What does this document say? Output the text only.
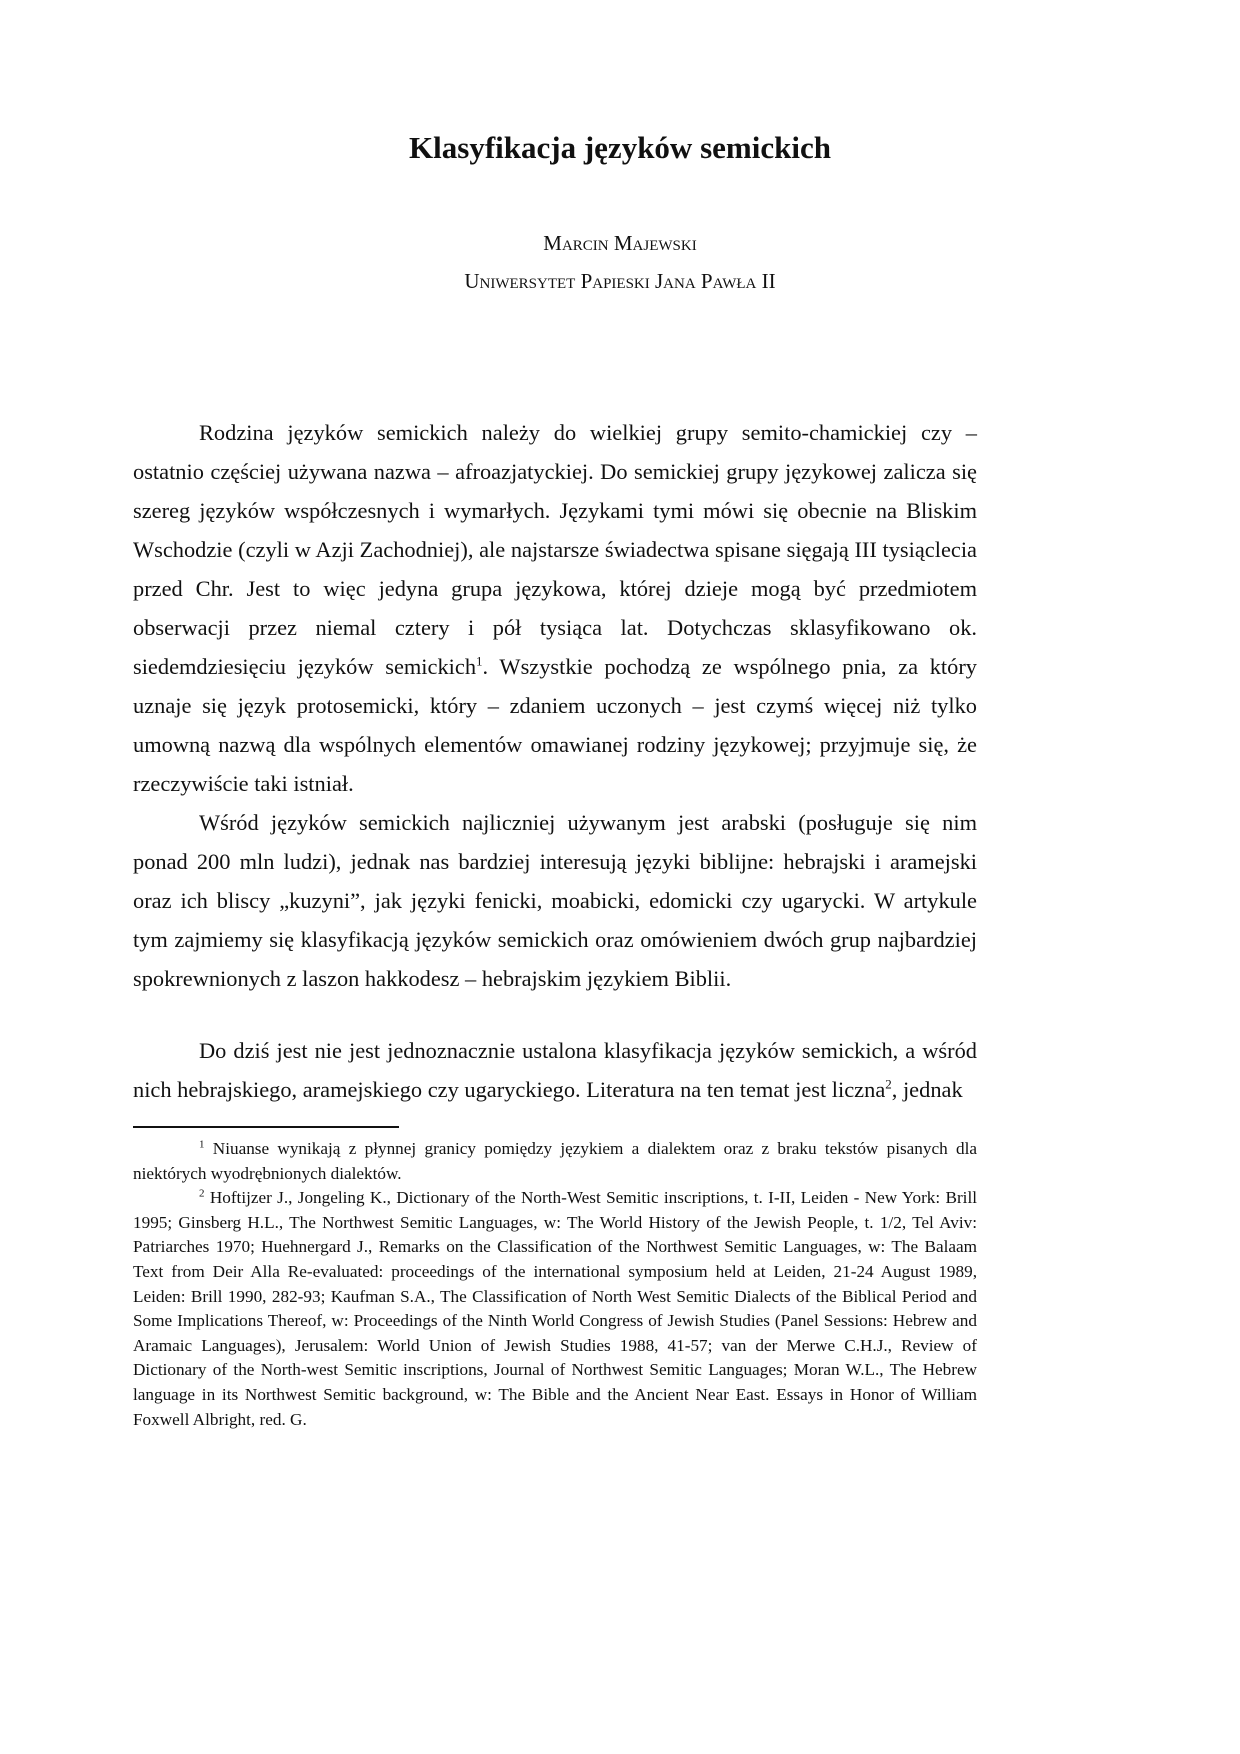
Klasyfikacja języków semickich
Marcin Majewski
Uniwersytet Papieski Jana Pawła II

Rodzina języków semickich należy do wielkiej grupy semito-chamickiej czy – ostatnio częściej używana nazwa – afroazjatyckiej. Do semickiej grupy językowej zalicza się szereg języków współczesnych i wymarłych. Językami tymi mówi się obecnie na Bliskim Wschodzie (czyli w Azji Zachodniej), ale najstarsze świadectwa spisane sięgają III tysiąclecia przed Chr. Jest to więc jedyna grupa językowa, której dzieje mogą być przedmiotem obserwacji przez niemal cztery i pół tysiąca lat. Dotychczas sklasyfikowano ok. siedemdziesięciu języków semickich$^1$. Wszystkie pochodzą ze wspólnego pnia, za który uznaje się język protosemicki, który – zdaniem uczonych – jest czymś więcej niż tylko umowną nazwą dla wspólnych elementów omawianej rodziny językowej; przyjmuje się, że rzeczywiście taki istniał.

Wśród języków semickich najliczniej używanym jest arabski (posługuje się nim ponad 200 mln ludzi), jednak nas bardziej interesują języki biblijne: hebrajski i aramejski oraz ich bliscy „kuzyni”, jak języki fenicki, moabicki, edomicki czy ugarycki. W artykule tym zajmiemy się klasyfikacją języków semickich oraz omówieniem dwóch grup najbardziej spokrewnionych z laszon hakkodesz – hebrajskim językiem Biblii.

Do dziś jest nie jest jednoznacznie ustalona klasyfikacja języków semickich, a wśród nich hebrajskiego, aramejskiego czy ugaryckiego. Literatura na ten temat jest liczna$^2$, jednak

$^1$ Niuanse wynikają z płynnej granicy pomiędzy językiem a dialektem oraz z braku tekstów pisanych dla niektórych wyodrębnionych dialektów.

$^2$ Hoftijzer J., Jongeling K., Dictionary of the North-West Semitic inscriptions, t. I-II, Leiden - New York: Brill 1995; Ginsberg H.L., The Northwest Semitic Languages, w: The World History of the Jewish People, t. 1/2, Tel Aviv: Patriarches 1970; Huehnergard J., Remarks on the Classification of the Northwest Semitic Languages, w: The Balaam Text from Deir Alla Re-evaluated: proceedings of the international symposium held at Leiden, 21-24 August 1989, Leiden: Brill 1990, 282-93; Kaufman S.A., The Classification of North West Semitic Dialects of the Biblical Period and Some Implications Thereof, w: Proceedings of the Ninth World Congress of Jewish Studies (Panel Sessions: Hebrew and Aramaic Languages), Jerusalem: World Union of Jewish Studies 1988, 41-57; van der Merwe C.H.J., Review of Dictionary of the North-west Semitic inscriptions, Journal of Northwest Semitic Languages; Moran W.L., The Hebrew language in its Northwest Semitic background, w: The Bible and the Ancient Near East. Essays in Honor of William Foxwell Albright, red. G.
